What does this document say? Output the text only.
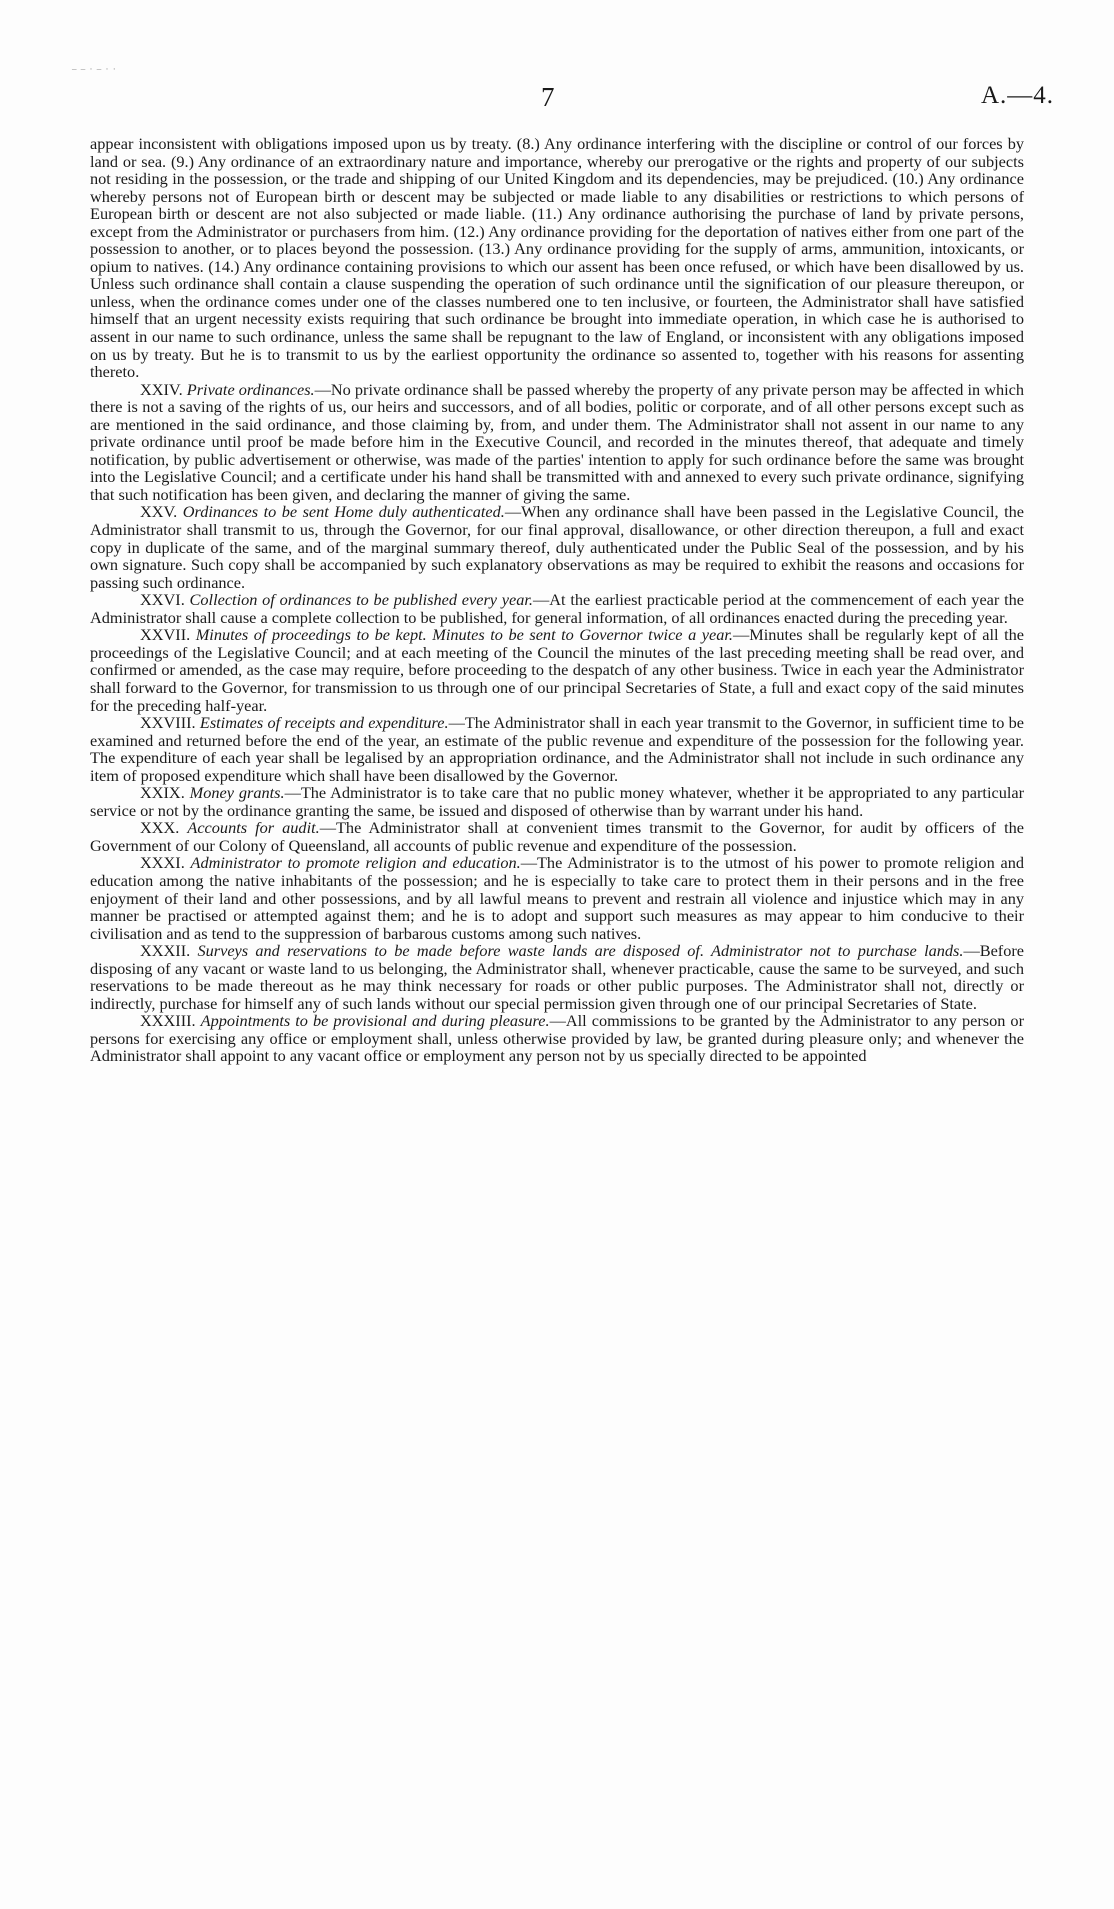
– – · – · ·
7	A.—4.

appear inconsistent with obligations imposed upon us by treaty. (8.) Any ordinance interfering with the discipline or control of our forces by land or sea. (9.) Any ordinance of an extraordinary nature and importance, whereby our prerogative or the rights and property of our subjects not residing in the possession, or the trade and shipping of our United Kingdom and its dependencies, may be prejudiced. (10.) Any ordinance whereby persons not of European birth or descent may be subjected or made liable to any disabilities or restrictions to which persons of European birth or descent are not also subjected or made liable. (11.) Any ordinance authorising the purchase of land by private persons, except from the Administrator or purchasers from him. (12.) Any ordinance providing for the deportation of natives either from one part of the possession to another, or to places beyond the possession. (13.) Any ordinance providing for the supply of arms, ammunition, intoxicants, or opium to natives. (14.) Any ordinance containing provisions to which our assent has been once refused, or which have been disallowed by us. Unless such ordinance shall contain a clause suspending the operation of such ordinance until the signification of our pleasure thereupon, or unless, when the ordinance comes under one of the classes numbered one to ten inclusive, or fourteen, the Administrator shall have satisfied himself that an urgent necessity exists requiring that such ordinance be brought into immediate operation, in which case he is authorised to assent in our name to such ordinance, unless the same shall be repugnant to the law of England, or inconsistent with any obligations imposed on us by treaty. But he is to transmit to us by the earliest opportunity the ordinance so assented to, together with his reasons for assenting thereto.

XXIV. Private ordinances.—No private ordinance shall be passed whereby the property of any private person may be affected in which there is not a saving of the rights of us, our heirs and successors, and of all bodies, politic or corporate, and of all other persons except such as are mentioned in the said ordinance, and those claiming by, from, and under them. The Administrator shall not assent in our name to any private ordinance until proof be made before him in the Executive Council, and recorded in the minutes thereof, that adequate and timely notification, by public advertisement or otherwise, was made of the parties' intention to apply for such ordinance before the same was brought into the Legislative Council; and a certificate under his hand shall be transmitted with and annexed to every such private ordinance, signifying that such notification has been given, and declaring the manner of giving the same.

XXV. Ordinances to be sent Home duly authenticated.—When any ordinance shall have been passed in the Legislative Council, the Administrator shall transmit to us, through the Governor, for our final approval, disallowance, or other direction thereupon, a full and exact copy in duplicate of the same, and of the marginal summary thereof, duly authenticated under the Public Seal of the possession, and by his own signature. Such copy shall be accompanied by such explanatory observations as may be required to exhibit the reasons and occasions for passing such ordinance.

XXVI. Collection of ordinances to be published every year.—At the earliest practicable period at the commencement of each year the Administrator shall cause a complete collection to be published, for general information, of all ordinances enacted during the preceding year.

XXVII. Minutes of proceedings to be kept. Minutes to be sent to Governor twice a year.—Minutes shall be regularly kept of all the proceedings of the Legislative Council; and at each meeting of the Council the minutes of the last preceding meeting shall be read over, and confirmed or amended, as the case may require, before proceeding to the despatch of any other business. Twice in each year the Administrator shall forward to the Governor, for transmission to us through one of our principal Secretaries of State, a full and exact copy of the said minutes for the preceding half-year.

XXVIII. Estimates of receipts and expenditure.—The Administrator shall in each year transmit to the Governor, in sufficient time to be examined and returned before the end of the year, an estimate of the public revenue and expenditure of the possession for the following year. The expenditure of each year shall be legalised by an appropriation ordinance, and the Administrator shall not include in such ordinance any item of proposed expenditure which shall have been disallowed by the Governor.

XXIX. Money grants.—The Administrator is to take care that no public money whatever, whether it be appropriated to any particular service or not by the ordinance granting the same, be issued and disposed of otherwise than by warrant under his hand.

XXX. Accounts for audit.—The Administrator shall at convenient times transmit to the Governor, for audit by officers of the Government of our Colony of Queensland, all accounts of public revenue and expenditure of the possession.

XXXI. Administrator to promote religion and education.—The Administrator is to the utmost of his power to promote religion and education among the native inhabitants of the possession; and he is especially to take care to protect them in their persons and in the free enjoyment of their land and other possessions, and by all lawful means to prevent and restrain all violence and injustice which may in any manner be practised or attempted against them; and he is to adopt and support such measures as may appear to him conducive to their civilisation and as tend to the suppression of barbarous customs among such natives.

XXXII. Surveys and reservations to be made before waste lands are disposed of. Administrator not to purchase lands.—Before disposing of any vacant or waste land to us belonging, the Administrator shall, whenever practicable, cause the same to be surveyed, and such reservations to be made thereout as he may think necessary for roads or other public purposes. The Administrator shall not, directly or indirectly, purchase for himself any of such lands without our special permission given through one of our principal Secretaries of State.

XXXIII. Appointments to be provisional and during pleasure.—All commissions to be granted by the Administrator to any person or persons for exercising any office or employment shall, unless otherwise provided by law, be granted during pleasure only; and whenever the Administrator shall appoint to any vacant office or employment any person not by us specially directed to be appointed
